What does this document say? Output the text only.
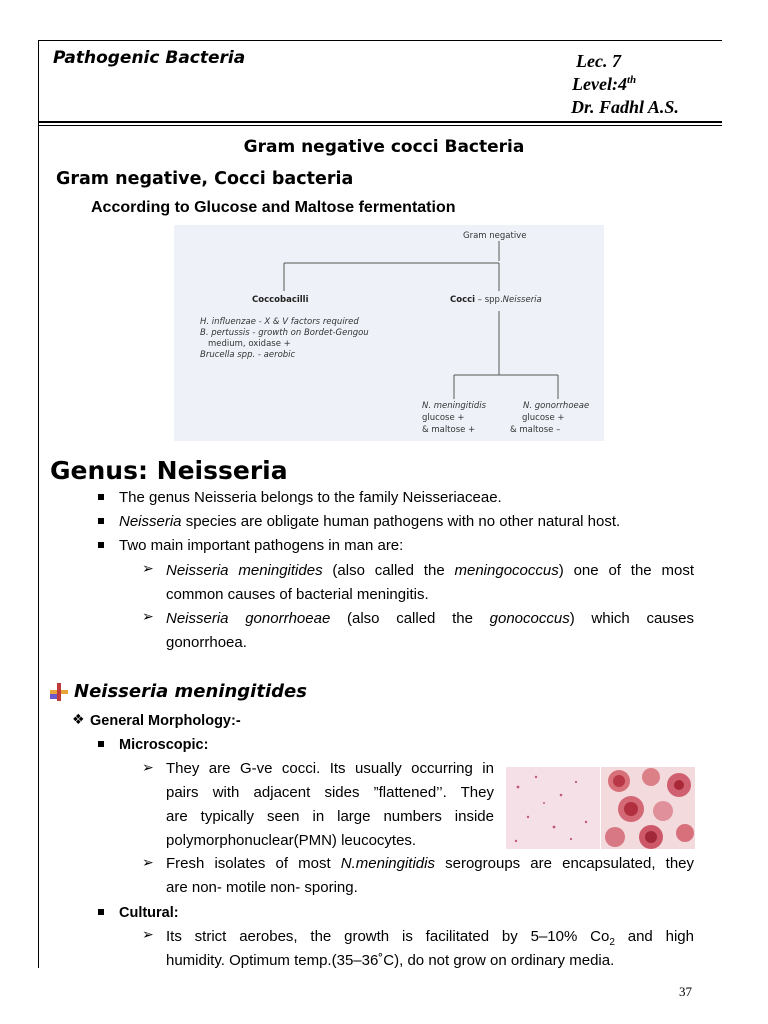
Pathogenic Bacteria	Lec. 7
Level:4th
Dr. Fadhl A.S.
Gram negative cocci Bacteria
Gram negative, Cocci bacteria
According to Glucose and Maltose fermentation
Gram negative
Coccobacilli
H. influenzae - X & V factors required
B. pertussis - growth on Bordet-Gengou
medium, oxidase +
Brucella spp. - aerobic
Cocci – spp.Neisseria
N. meningitidis
glucose +
& maltose +
N. gonorrhoeae
glucose +
& maltose –
Genus: Neisseria
The genus Neisseria belongs to the family Neisseriaceae.
Neisseria species are obligate human pathogens with no other natural host.
Two main important pathogens in man are:
➢ Neisseria meningitides (also called the meningococcus) one of the most
common causes of bacterial meningitis.
➢ Neisseria gonorrhoeae (also called the gonococcus) which causes
gonorrhoea.
Neisseria meningitides
❖ General Morphology:-
Microscopic:
➢ They are G-ve cocci. Its usually occurring in
pairs with adjacent sides ”flattened’’. They
are typically seen in large numbers inside
polymorphonuclear(PMN) leucocytes.
➢ Fresh isolates of most N.meningitidis serogroups are encapsulated, they
are non- motile non- sporing.
Cultural:
➢ Its strict aerobes, the growth is facilitated by 5–10% $Co_2$ and high
humidity. Optimum temp.(35–36˚C), do not grow on ordinary media.
37
